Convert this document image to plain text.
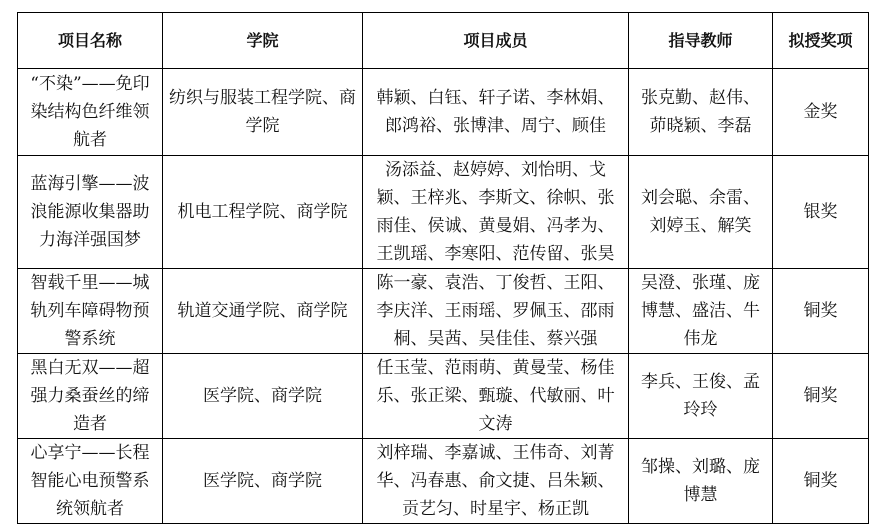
项目名称	学院	项目成员	指导教师	拟授奖项
“不染”——免印染结构色纤维领航者	纺织与服装工程学院、商学院	韩颖、白钰、轩子诺、李林娟、郎鸿裕、张博津、周宁、顾佳	张克勤、赵伟、茆晓颖、李磊	金奖
蓝海引擎——波浪能源收集器助力海洋强国梦	机电工程学院、商学院	汤添益、赵婷婷、刘怡明、戈颖、王梓兆、李斯文、徐帜、张雨佳、侯诚、黄曼娟、冯孝为、王凯瑶、李寒阳、范传留、张昊	刘会聪、余雷、刘婷玉、解笑	银奖
智载千里——城轨列车障碍物预警系统	轨道交通学院、商学院	陈一豪、袁浩、丁俊哲、王阳、李庆洋、王雨瑶、罗佩玉、邵雨桐、吴茜、吴佳佳、蔡兴强	吴澄、张瑾、庞博慧、盛洁、牛伟龙	铜奖
黑白无双——超强力桑蚕丝的缔造者	医学院、商学院	任玉莹、范雨萌、黄曼莹、杨佳乐、张正梁、甄璇、代敏丽、叶文涛	李兵、王俊、孟玲玲	铜奖
心享宁——长程智能心电预警系统领航者	医学院、商学院	刘梓瑞、李嘉诚、王伟奇、刘菁华、冯春惠、俞文捷、吕朱颖、贡艺匀、时星宇、杨正凯	邹操、刘璐、庞博慧	铜奖
